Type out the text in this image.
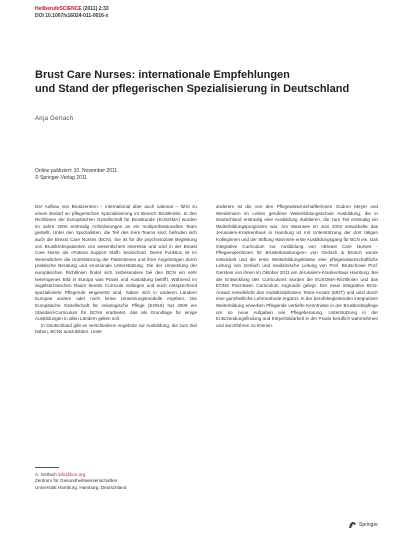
HeilberufeSCIENCE (2011) 2:33
DOI 10.1007/s16024-011-0016-x
Brust Care Nurses: internationale Empfehlungen
und Stand der pflegerischen Spezialisierung in Deutschland
Anja Gerlach
Online publiziert: 10. November 2011
© Springer-Verlag 2011

Der Aufbau von Brustzentren – international aber auch national – führt zu einem Bedarf an pflegerischen Spezialisierung im Bereich Brustkrebs. In den Richtlinien der Europäischen Gesellschaft für Brustkunde (EUSOMA) wurden im Jahre 2000 erstmalig Anforderungen an ein multiprofessionelles Team gestellt. Unter den Spezialisten, die Teil des Kern-Teams sind, befinden sich auch die Breast Care Nurses (BCN). Sie ist für die psychosoziale Begleitung von Brustkrebspatienten von wesentlichem Interesse und wird in der Breast Care Nurse als »Patient Support Staff« bezeichnet. Deren Funktion ist im Wesentlichen die Unterstützung der Patientinnen und ihrer Angehörigen durch praktische Beratung und emotionale Unterstützung. Die der Umsetzung der europäischen Richtlinien findet sich insbesondere bei den BCN ein sehr heterogenes Bild in Europa was Praxis und Ausbildung betrifft. Während im angelsächsischen Raum bereits Curricula vorliegen und auch entsprechend spezialisierte Pflegende eingesetzt sind, haben sich in anderen Ländern Europas andere oder noch keine Umsetzungsmodelle ergeben. Die Europäische Gesellschaft für onkologische Pflege (EONS) hat 2009 ein Standard-Curriculum für BCNs erarbeitet, das als Grundlage für einige Ausbildungen in allen Ländern gelten soll.

In Deutschland gibt es verschiedene Angebote zur Ausbildung, die zum Ziel haben, BCNs auszubilden. Unter

anderem ist die von den Pflegewissenschaftlerinnen Gudrun Meyer und Wiedemann im Leben gerufene Weiterbildungsschule Ausbildung, die in Deutschland erstmalig eine Ausbildung etablieren, die zum Teil erstmalig ein Weiterbildungsprogramm war. Am Wannsee im Juni 2002 entwickelte das Jerusalem-Krankenhaus in Hamburg ist mit Unterstützung der dort tätigen Kolleginnen und der Stiftung Wannsee erste Ausbildungsgang für BCN ein. Das integrative Curriculum zur Ausbildung von »Breast Care Nurses - Pflegeexpertinnen für Brusterkrankungen« von Gerlach & Brüsch wurde entwickelt und die erste Weiterbildungsklasse eine pflegewissenschaftliche Leitung von Gerlach und medizinische Leitung von Prof. Brutschowe Prof. Gerstein von ihnen im Oktober 2011 am Jerusalem-Krankenhaus Hamburg. Bei der Entwicklung des Curriculums wurden die EUSOMA-Richtlinien und das EONS Post-Basic Curriculum zugrunde gelegt. Der neue integrative BCN-Ansatz verwirklicht den multidisziplinären Team-Ansatz (MDT) und wird durch eine ganzheitliche Lehrmethode ergänzt. In der berufsbegleitenden integrativen Weiterbildung erwerben Pflegende vertiefte Kenntnisse in der Brustkrebspflege um so neue Aufgaben wie Pflegeberatung, Unterstützung in der Entscheidungsfindung und Körperbildarbeit in der Praxis beruflich wahrnehmen und durchführen zu können.

A. Gerlach info@bcn.org
Zentrum für Gesundheitswissenschaften
Universität Hamburg, Hamburg, Deutschland
Springer
